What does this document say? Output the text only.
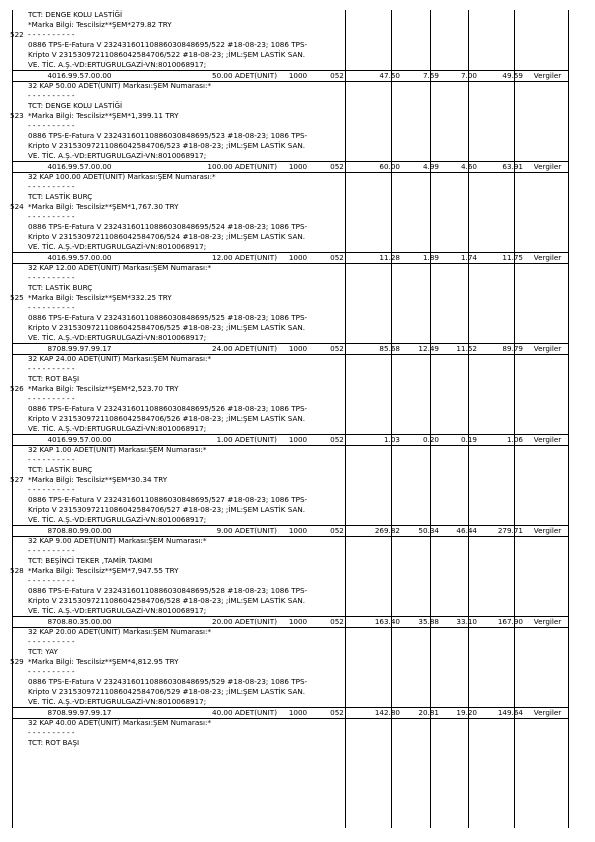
522
TCT: DENGE KOLU LASTİĞİ
*Marka Bilgi: Tescilsiz**ŞEM*279.82 TRY
- - - - - - - - - -
0886 TPS-E-Fatura V 232431601108860308486​95/522 #18-08-23; 1086 TPS-
Kripto V 231530972110860425847​06/522 #18-08-23; ;İML:ŞEM LASTİK SAN.
VE. TİC. A.Ş.-VD:ERTUGRULGAZİ-VN:8010068917;
4016.99.57.00.00	50.00 ADET(UNIT)	1000	052	47.50	7.59	7.00	49.59	Vergiler
523
32 KAP 50.00 ADET(UNIT) Markası:ŞEM Numarası:*
- - - - - - - - - -
TCT: DENGE KOLU LASTİĞİ
*Marka Bilgi: Tescilsiz**ŞEM*1,399.11 TRY
- - - - - - - - - -
0886 TPS-E-Fatura V 232431601108860308486​95/523 #18-08-23; 1086 TPS-
Kripto V 231530972110860425847​06/523 #18-08-23; ;İML:ŞEM LASTİK SAN.
VE. TİC. A.Ş.-VD:ERTUGRULGAZİ-VN:8010068917;
4016.99.57.00.00	100.00 ADET(UNIT)	1000	052	60.00	4.99	4.60	63.91	Vergiler
524
32 KAP 100.00 ADET(UNIT) Markası:ŞEM Numarası:*
- - - - - - - - - -
TCT: LASTİK BURÇ
*Marka Bilgi: Tescilsiz**ŞEM*1,767.30 TRY
- - - - - - - - - -
0886 TPS-E-Fatura V 232431601108860308486​95/524 #18-08-23; 1086 TPS-
Kripto V 231530972110860425847​06/524 #18-08-23; ;İML:ŞEM LASTİK SAN.
VE. TİC. A.Ş.-VD:ERTUGRULGAZİ-VN:8010068917;
4016.99.57.00.00	12.00 ADET(UNIT)	1000	052	11.28	1.89	1.74	11.75	Vergiler
525
32 KAP 12.00 ADET(UNIT) Markası:ŞEM Numarası:*
- - - - - - - - - -
TCT: LASTİK BURÇ
*Marka Bilgi: Tescilsiz**ŞEM*332.25 TRY
- - - - - - - - - -
0886 TPS-E-Fatura V 232431601108860308486​95/525 #18-08-23; 1086 TPS-
Kripto V 231530972110860425847​06/525 #18-08-23; ;İML:ŞEM LASTİK SAN.
VE. TİC. A.Ş.-VD:ERTUGRULGAZİ-VN:8010068917;
8708.99.97.99.17	24.00 ADET(UNIT)	1000	052	85.68	12.49	11.52	89.79	Vergiler
526
32 KAP 24.00 ADET(UNIT) Markası:ŞEM Numarası:*
- - - - - - - - - -
TCT: ROT BAŞI
*Marka Bilgi: Tescilsiz**ŞEM*2,523.70 TRY
- - - - - - - - - -
0886 TPS-E-Fatura V 232431601108860308486​95/526 #18-08-23; 1086 TPS-
Kripto V 231530972110860425847​06/526 #18-08-23; ;İML:ŞEM LASTİK SAN.
VE. TİC. A.Ş.-VD:ERTUGRULGAZİ-VN:8010068917;
4016.99.57.00.00	1.00 ADET(UNIT)	1000	052	1.03	0.20	0.19	1.06	Vergiler
527
32 KAP 1.00 ADET(UNIT) Markası:ŞEM Numarası:*
- - - - - - - - - -
TCT: LASTİK BURÇ
*Marka Bilgi: Tescilsiz**ŞEM*30.34 TRY
- - - - - - - - - -
0886 TPS-E-Fatura V 232431601108860308486​95/527 #18-08-23; 1086 TPS-
Kripto V 231530972110860425847​06/527 #18-08-23; ;İML:ŞEM LASTİK SAN.
VE. TİC. A.Ş.-VD:ERTUGRULGAZİ-VN:8010068917;
8708.80.99.00.00	9.00 ADET(UNIT)	1000	052	269.82	50.34	46.44	279.71	Vergiler
528
32 KAP 9.00 ADET(UNIT) Markası:ŞEM Numarası:*
- - - - - - - - - -
TCT: BEŞİNCİ TEKER ,TAMİR TAKIMI
*Marka Bilgi: Tescilsiz**ŞEM*7,947.55 TRY
- - - - - - - - - -
0886 TPS-E-Fatura V 232431601108860308486​95/528 #18-08-23; 1086 TPS-
Kripto V 231530972110860425847​06/528 #18-08-23; ;İML:ŞEM LASTİK SAN.
VE. TİC. A.Ş.-VD:ERTUGRULGAZİ-VN:8010068917;
8708.80.35.00.00	20.00 ADET(UNIT)	1000	052	163.40	35.88	33.10	167.90	Vergiler
529
32 KAP 20.00 ADET(UNIT) Markası:ŞEM Numarası:*
- - - - - - - - - -
TCT: YAY
*Marka Bilgi: Tescilsiz**ŞEM*4,812.95 TRY
- - - - - - - - - -
0886 TPS-E-Fatura V 232431601108860308486​95/529 #18-08-23; 1086 TPS-
Kripto V 231530972110860425847​06/529 #18-08-23; ;İML:ŞEM LASTİK SAN.
VE. TİC. A.Ş.-VD:ERTUGRULGAZİ-VN:8010068917;
8708.99.97.99.17	40.00 ADET(UNIT)	1000	052	142.80	20.81	19.20	149.64	Vergiler
32 KAP 40.00 ADET(UNIT) Markası:ŞEM Numarası:*
- - - - - - - - - -
TCT: ROT BAŞI
